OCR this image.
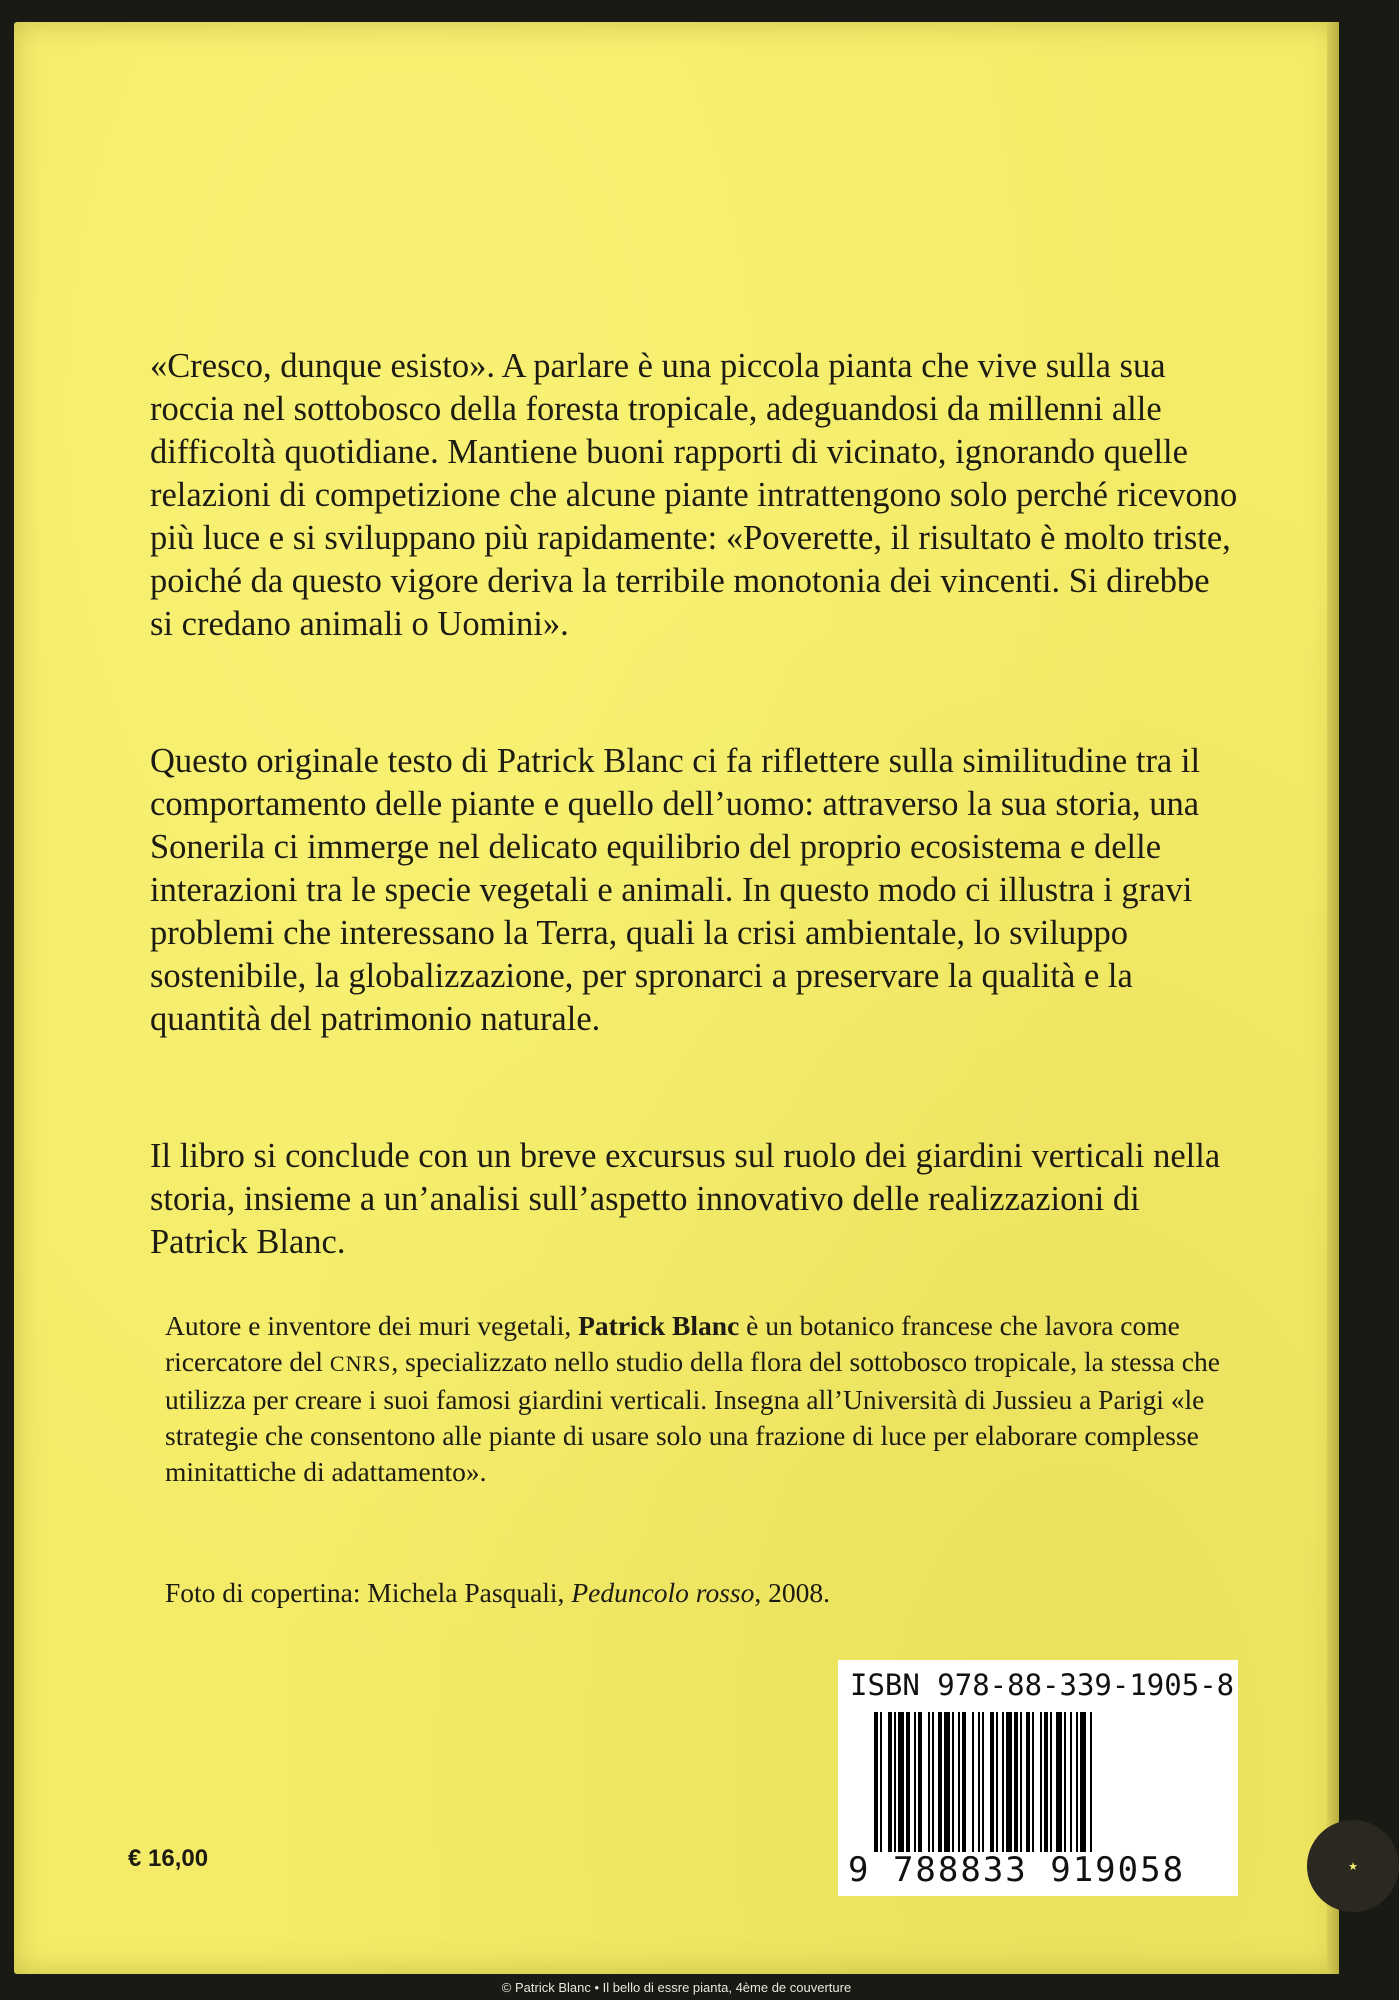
«Cresco, dunque esisto». A parlare è una piccola pianta che vive sulla sua roccia nel sottobosco della foresta tropicale, adeguandosi da millenni alle difficoltà quotidiane. Mantiene buoni rapporti di vicinato, ignorando quelle relazioni di competizione che alcune piante intrattengono solo perché ricevono più luce e si sviluppano più rapidamente: «Poverette, il risultato è molto triste, poiché da questo vigore deriva la terribile monotonia dei vincenti. Si direbbe si credano animali o Uomini».

Questo originale testo di Patrick Blanc ci fa riflettere sulla similitudine tra il comportamento delle piante e quello dell’uomo: attraverso la sua storia, una Sonerila ci immerge nel delicato equilibrio del proprio ecosistema e delle interazioni tra le specie vegetali e animali. In questo modo ci illustra i gravi problemi che interessano la Terra, quali la crisi ambientale, lo sviluppo sostenibile, la globalizzazione, per spronarci a preservare la qualità e la quantità del patrimonio naturale.

Il libro si conclude con un breve excursus sul ruolo dei giardini verticali nella storia, insieme a un’analisi sull’aspetto innovativo delle realizzazioni di Patrick Blanc.

Autore e inventore dei muri vegetali, Patrick Blanc è un botanico francese che lavora come ricercatore del CNRS, specializzato nello studio della flora del sottobosco tropicale, la stessa che utilizza per creare i suoi famosi giardini verticali. Insegna all’Università di Jussieu a Parigi «le strategie che consentono alle piante di usare solo una frazione di luce per elaborare complesse minitattiche di adattamento».

Foto di copertina: Michela Pasquali, Peduncolo rosso, 2008.

ISBN 978-88-339-1905-8
9 788833 919058
€ 16,00	★
© Patrick Blanc • Il bello di essre pianta, 4ème de couverture
